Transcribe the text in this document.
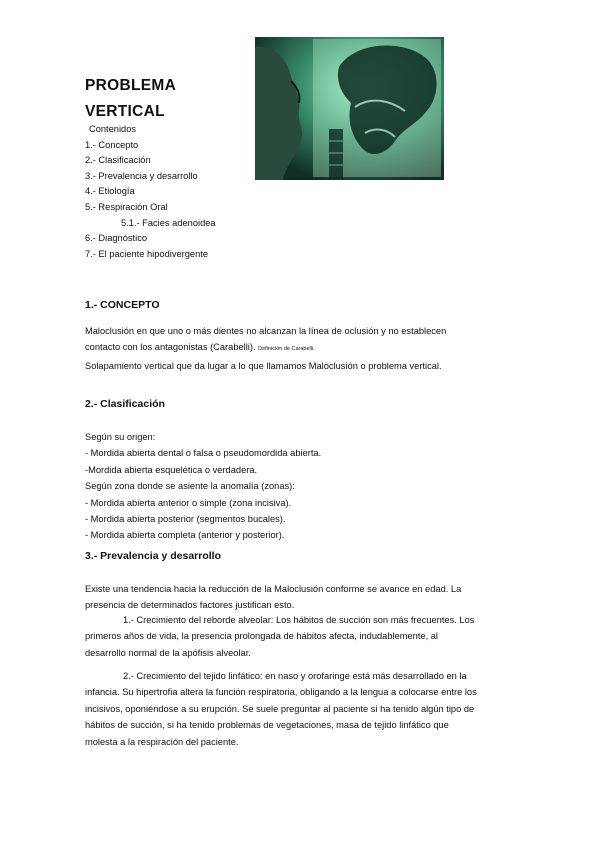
PROBLEMA
VERTICAL
Contenidos
1.- Concepto
2.- Clasificación
3.- Prevalencia y desarrollo
4.- Etiología
5.- Respiración Oral
5.1.- Facies adenoidea
6.- Diagnóstico
7.- El paciente hipodivergente
1.- CONCEPTO
Maloclusión en que uno o más dientes no alcanzan la línea de oclusión y no establecen
contacto con los antagonistas (Carabelli). Definición de Carabelli.
Solapamiento vertical que da lugar a lo que llamamos Maloclusión o problema vertical.
2.- Clasificación
Según su origen:
- Mordida abierta dental o falsa o pseudomordida abierta.
-Mordida abierta esquelética o verdadera.
Según zona donde se asiente la anomalía (zonas):
- Mordida abierta anterior o simple (zona incisiva).
- Mordida abierta posterior (segmentos bucales).
- Mordida abierta completa (anterior y posterior).
3.- Prevalencia y desarrollo
Existe una tendencia hacia la reducción de la Maloclusión conforme se avance en edad. La
presencia de determinados factores justifican esto.
1.- Crecimiento del reborde alveolar: Los hábitos de succión son más frecuentes. Los
primeros años de vida, la presencia prolongada de hábitos afecta, indudablemente, al
desarrollo normal de la apófisis alveolar.
2.- Crecimiento del tejido linfático: en naso y orofaringe está más desarrollado en la
infancia. Su hipertrofia altera la función respiratoria, obligando a la lengua a colocarse entre los
incisivos, oponiéndose a su erupción. Se suele preguntar al paciente si ha tenido algún tipo de
hábitos de succión, si ha tenido problemas de vegetaciones, masa de tejido linfático que
molesta a la respiración del paciente.
